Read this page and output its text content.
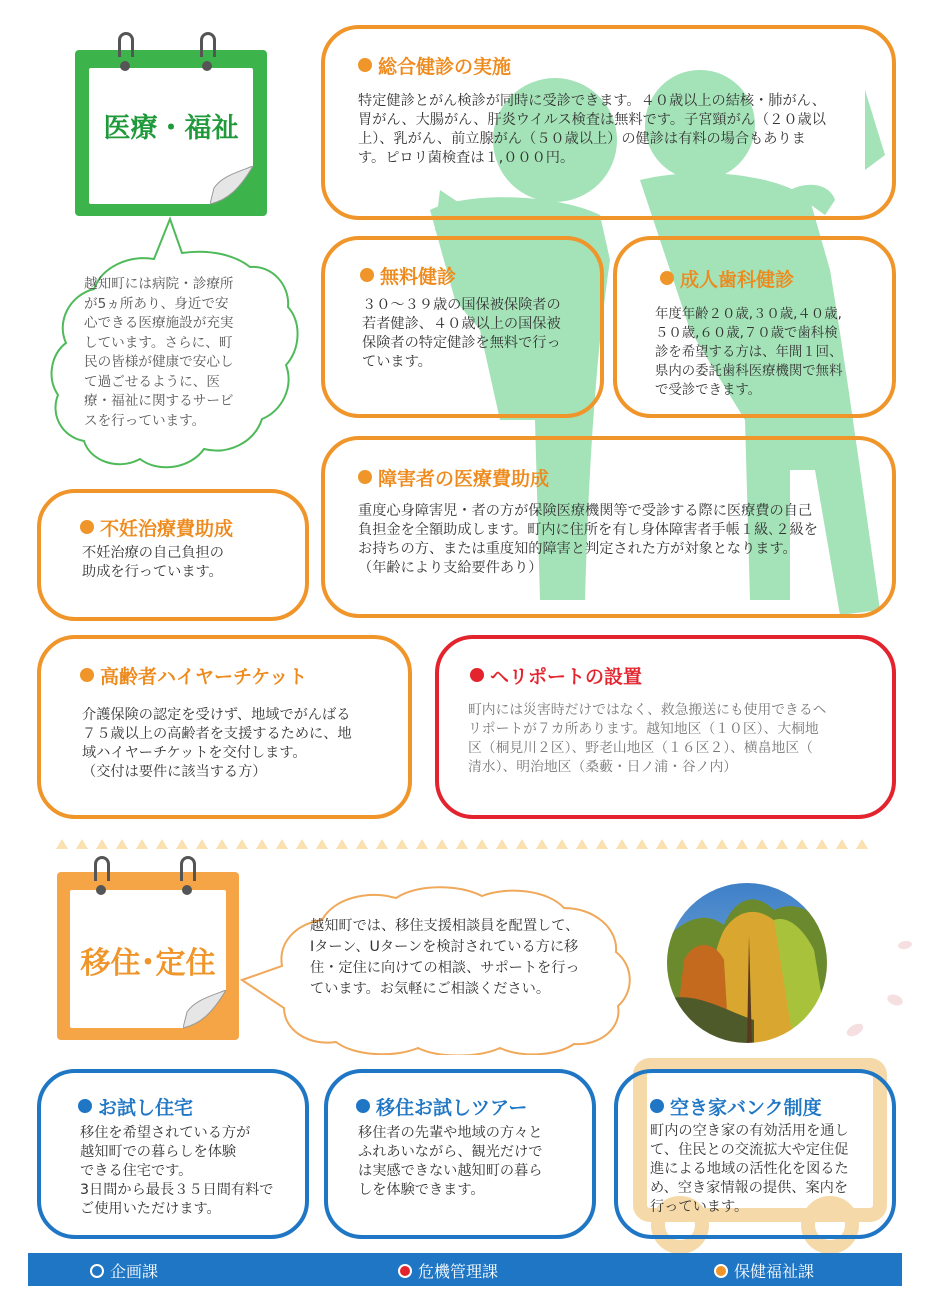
医療・福祉
越知町には病院・診療所
が5ヵ所あり、身近で安
心できる医療施設が充実
しています。さらに、町
民の皆様が健康で安心し
て過ごせるように、医
療・福祉に関するサービ
スを行っています。
総合健診の実施
特定健診とがん検診が同時に受診できます。４０歳以上の結核・肺がん、
胃がん、大腸がん、肝炎ウイルス検査は無料です。子宮頸がん（２０歳以
上）、乳がん、前立腺がん（５０歳以上）の健診は有料の場合もありま
す。ピロリ菌検査は１,０００円。
無料健診
３０～３９歳の国保被保険者の
若者健診、４０歳以上の国保被
保険者の特定健診を無料で行っ
ています。
成人歯科健診
年度年齢２０歳,３０歳,４０歳,
５０歳,６０歳,７０歳で歯科検
診を希望する方は、年間１回、
県内の委託歯科医療機関で無料
で受診できます。
障害者の医療費助成
重度心身障害児・者の方が保険医療機関等で受診する際に医療費の自己
負担金を全額助成します。町内に住所を有し身体障害者手帳１級､２級を
お持ちの方、または重度知的障害と判定された方が対象となります。
（年齢により支給要件あり）
不妊治療費助成
不妊治療の自己負担の
助成を行っています。
高齢者ハイヤーチケット
介護保険の認定を受けず、地域でがんばる
７５歳以上の高齢者を支援するために、地
域ハイヤーチケットを交付します。
（交付は要件に該当する方）
ヘリポートの設置
町内には災害時だけではなく、救急搬送にも使用できるヘ
リポートが７カ所あります。越知地区（１０区）、大桐地
区（桐見川２区）、野老山地区（１６区２）、横畠地区（
清水）、明治地区（桑藪・日ノ浦・谷ノ内）
移住･定住
越知町では、移住支援相談員を配置して、
Iターン、Uターンを検討されている方に移
住・定住に向けての相談、サポートを行っ
ています。お気軽にご相談ください。
お試し住宅
移住を希望されている方が
越知町での暮らしを体験
できる住宅です。
3日間から最長３５日間有料で
ご使用いただけます。
移住お試しツアー
移住者の先輩や地域の方々と
ふれあいながら、観光だけで
は実感できない越知町の暮ら
しを体験できます。
空き家バンク制度
町内の空き家の有効活用を通し
て、住民との交流拡大や定住促
進による地域の活性化を図るた
め、空き家情報の提供、案内を
行っています。
企画課	危機管理課	保健福祉課
